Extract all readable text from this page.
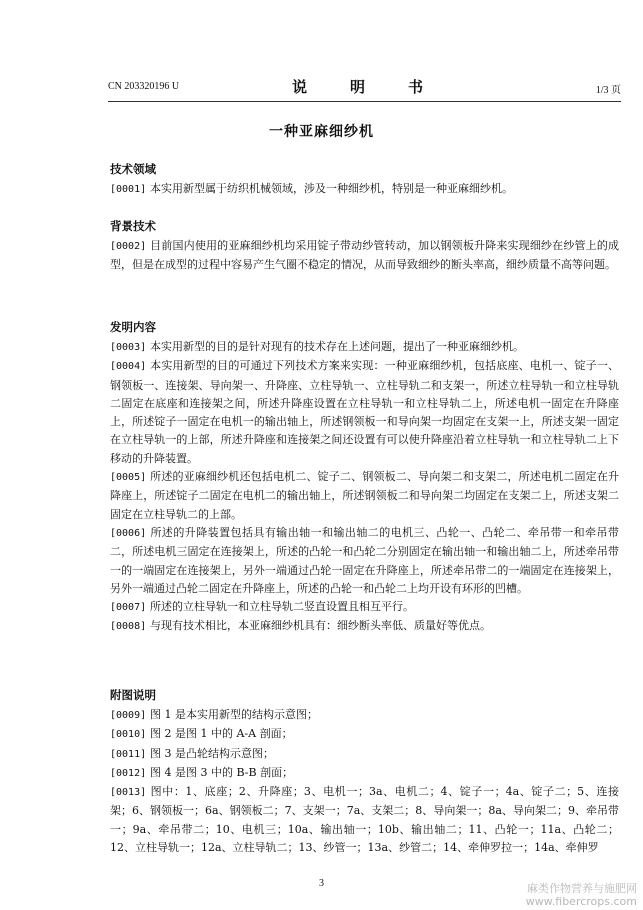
CN 203320196 U	说　明　书	1/3 页
一种亚麻细纱机
技术领域

[0001] 本实用新型属于纺织机械领域，涉及一种细纱机，特别是一种亚麻细纱机。

背景技术

[0002] 目前国内使用的亚麻细纱机均采用锭子带动纱管转动，加以钢领板升降来实现细纱在纱管上的成型，但是在成型的过程中容易产生气圈不稳定的情况，从而导致细纱的断头率高，细纱质量不高等问题。

发明内容

[0003] 本实用新型的目的是针对现有的技术存在上述问题，提出了一种亚麻细纱机。

[0004] 本实用新型的目的可通过下列技术方案来实现：一种亚麻细纱机，包括底座、电机一、锭子一、钢领板一、连接架、导向架一、升降座、立柱导轨一、立柱导轨二和支架一，所述立柱导轨一和立柱导轨二固定在底座和连接架之间，所述升降座设置在立柱导轨一和立柱导轨二上，所述电机一固定在升降座上，所述锭子一固定在电机一的输出轴上，所述钢领板一和导向架一均固定在支架一上，所述支架一固定在立柱导轨一的上部，所述升降座和连接架之间还设置有可以使升降座沿着立柱导轨一和立柱导轨二上下移动的升降装置。

[0005] 所述的亚麻细纱机还包括电机二、锭子二、钢领板二、导向架二和支架二，所述电机二固定在升降座上，所述锭子二固定在电机二的输出轴上，所述钢领板二和导向架二均固定在支架二上，所述支架二固定在立柱导轨二的上部。

[0006] 所述的升降装置包括具有输出轴一和输出轴二的电机三、凸轮一、凸轮二、牵吊带一和牵吊带二，所述电机三固定在连接架上，所述的凸轮一和凸轮二分别固定在输出轴一和输出轴二上，所述牵吊带一的一端固定在连接架上，另外一端通过凸轮一固定在升降座上，所述牵吊带二的一端固定在连接架上，另外一端通过凸轮二固定在升降座上，所述的凸轮一和凸轮二上均开设有环形的凹槽。

[0007] 所述的立柱导轨一和立柱导轨二竖直设置且相互平行。

[0008] 与现有技术相比，本亚麻细纱机具有：细纱断头率低、质量好等优点。

附图说明

[0009] 图 1 是本实用新型的结构示意图；

[0010] 图 2 是图 1 中的 A-A 剖面；

[0011] 图 3 是凸轮结构示意图；

[0012] 图 4 是图 3 中的 B-B 剖面；

[0013] 图中：1、底座；2、升降座；3、电机一；3a、电机二；4、锭子一；4a、锭子二；5、连接架；6、钢领板一；6a、钢领板二；7、支架一；7a、支架二；8、导向架一；8a、导向架二；9、牵吊带一；9a、牵吊带二；10、电机三；10a、输出轴一；10b、输出轴二；11、凸轮一；11a、凸轮二；12、立柱导轨一；12a、立柱导轨二；13、纱管一；13a、纱管二；14、牵伸罗拉一；14a、牵伸罗

3	麻类作物营养与施肥网
www.fibercrops.com
